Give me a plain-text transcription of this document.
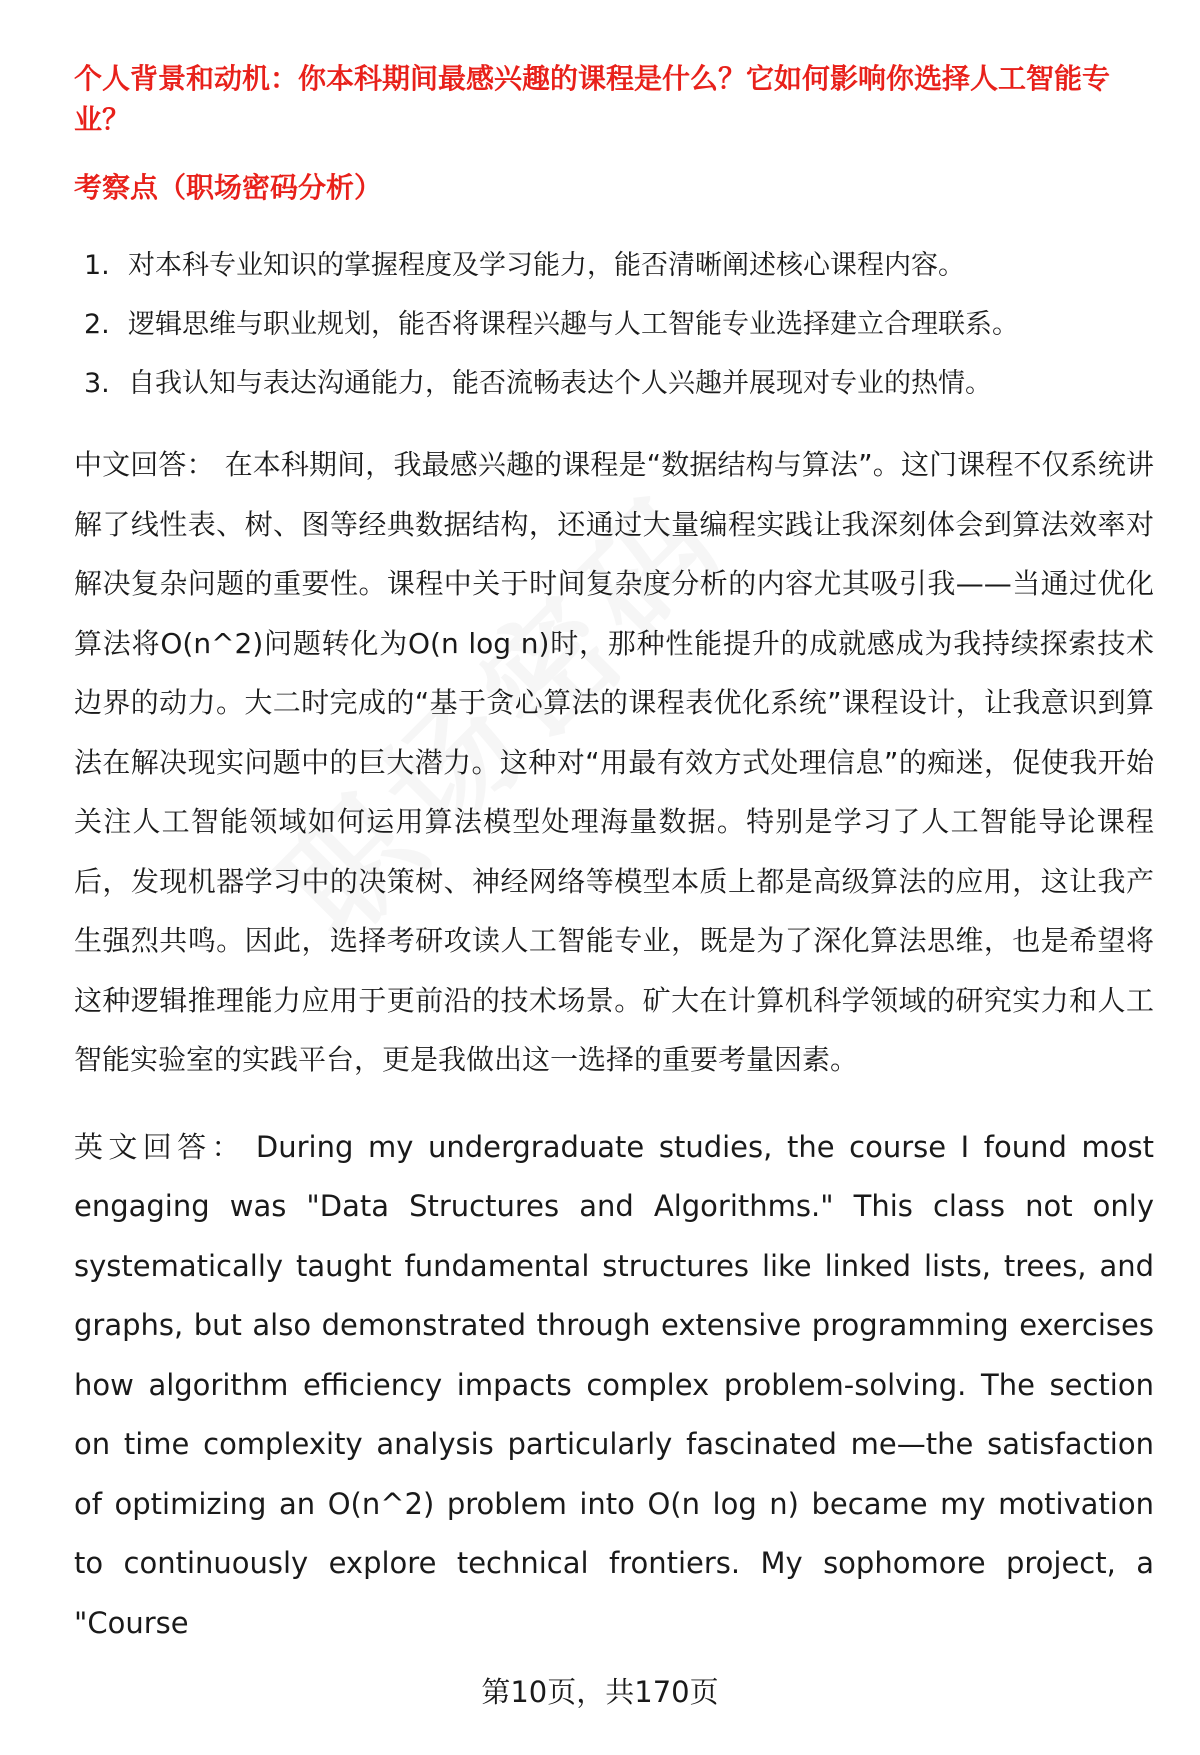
个人背景和动机：你本科期间最感兴趣的课程是什么？它如何影响你选择人工智能专业？
考察点（职场密码分析）
1. 对本科专业知识的掌握程度及学习能力，能否清晰阐述核心课程内容。
2. 逻辑思维与职业规划，能否将课程兴趣与人工智能专业选择建立合理联系。
3. 自我认知与表达沟通能力，能否流畅表达个人兴趣并展现对专业的热情。

中文回答： 在本科期间，我最感兴趣的课程是“数据结构与算法”。这门课程不仅系统讲解了线性表、树、图等经典数据结构，还通过大量编程实践让我深刻体会到算法效率对解决复杂问题的重要性。课程中关于时间复杂度分析的内容尤其吸引我——当通过优化算法将O(n^2)问题转化为O(n log n)时，那种性能提升的成就感成为我持续探索技术边界的动力。大二时完成的“基于贪心算法的课程表优化系统”课程设计，让我意识到算法在解决现实问题中的巨大潜力。这种对“用最有效方式处理信息”的痴迷，促使我开始关注人工智能领域如何运用算法模型处理海量数据。特别是学习了人工智能导论课程后，发现机器学习中的决策树、神经网络等模型本质上都是高级算法的应用，这让我产生强烈共鸣。因此，选择考研攻读人工智能专业，既是为了深化算法思维，也是希望将这种逻辑推理能力应用于更前沿的技术场景。矿大在计算机科学领域的研究实力和人工智能实验室的实践平台，更是我做出这一选择的重要考量因素。

英文回答： During my undergraduate studies, the course I found most engaging was "Data Structures and Algorithms." This class not only systematically taught fundamental structures like linked lists, trees, and graphs, but also demonstrated through extensive programming exercises how algorithm efficiency impacts complex problem-solving. The section on time complexity analysis particularly fascinated me—the satisfaction of optimizing an O(n^2) problem into O(n log n) became my motivation to continuously explore technical frontiers. My sophomore project, a "Course

第10页，共170页
